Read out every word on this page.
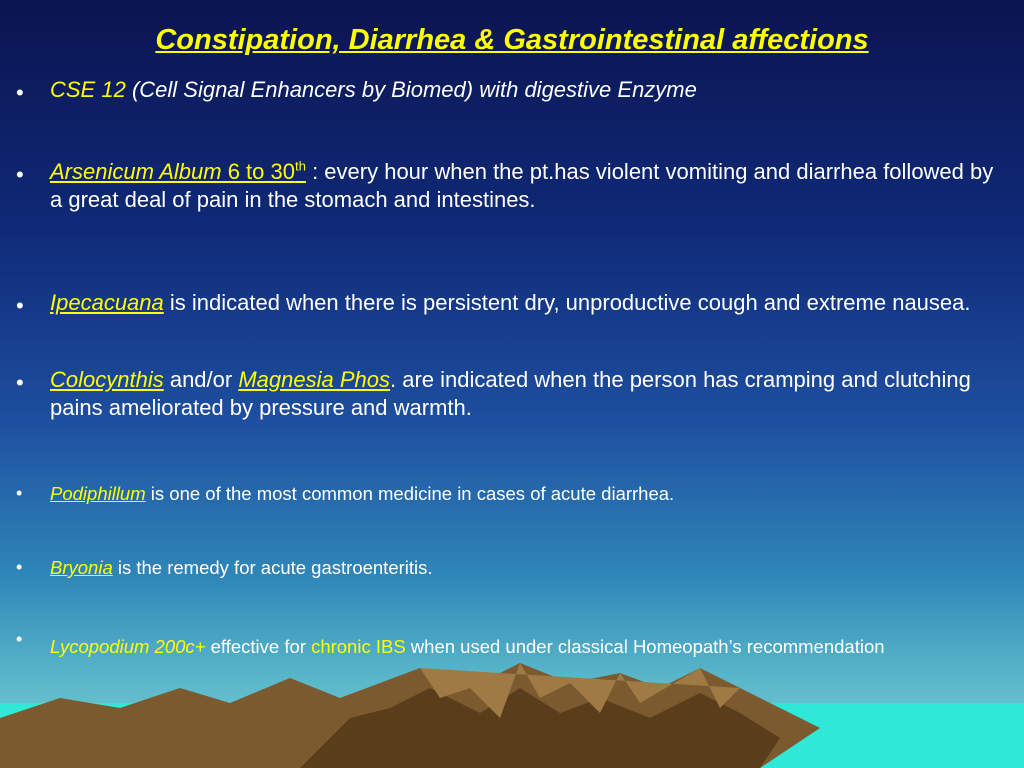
Constipation, Diarrhea & Gastrointestinal affections
• CSE 12 (Cell Signal Enhancers by Biomed) with digestive Enzyme
• Arsenicum Album 6 to 30th : every hour when the pt.has violent vomiting and diarrhea followed by a great deal of pain in the stomach and intestines.
• Ipecacuana is indicated when there is persistent dry, unproductive cough and extreme nausea.
• Colocynthis and/or Magnesia Phos. are indicated when the person has cramping and clutching pains ameliorated by pressure and warmth.
• Podiphillum is one of the most common medicine in cases of acute diarrhea.
• Bryonia is the remedy for acute gastroenteritis.
• Lycopodium 200c+ effective for chronic IBS when used under classical Homeopath’s recommendation
